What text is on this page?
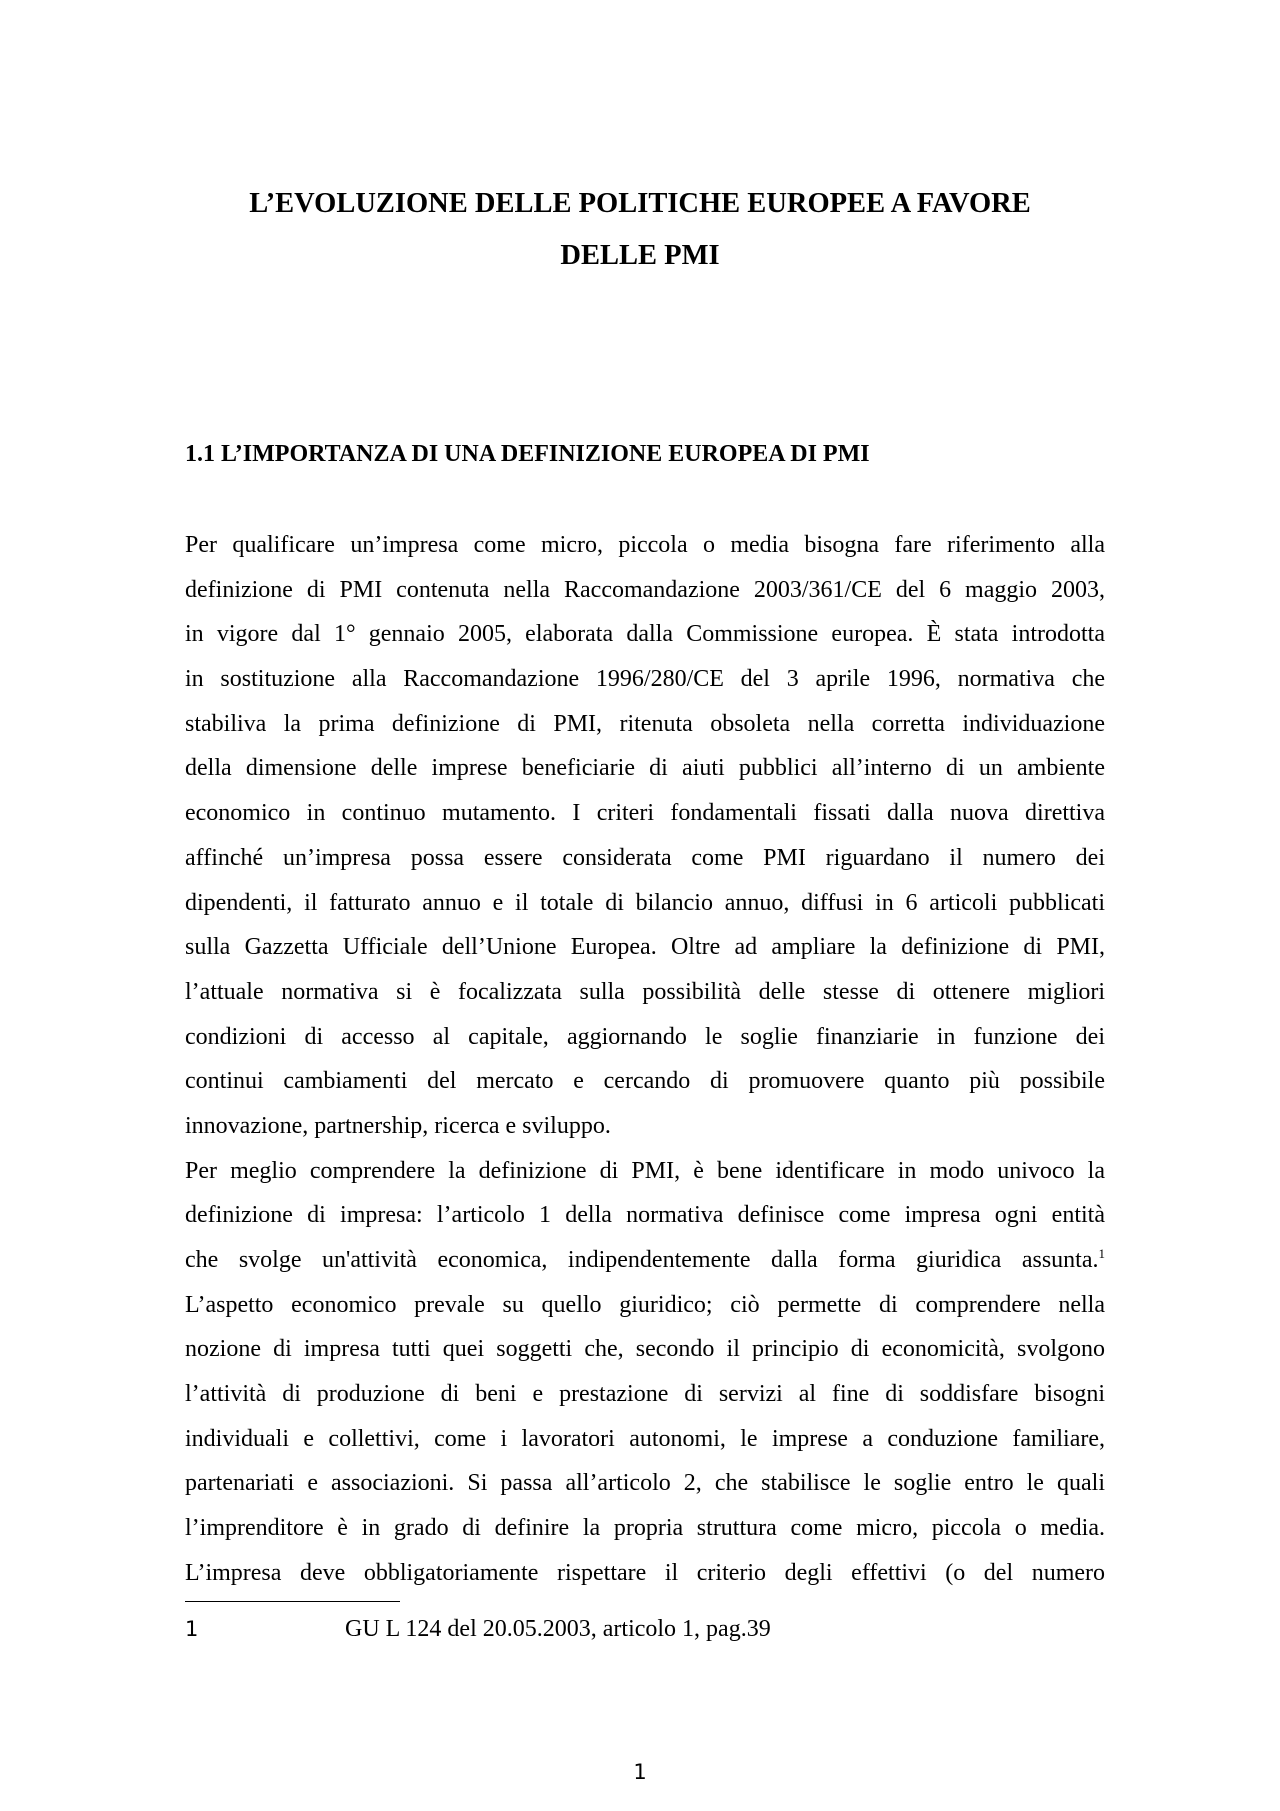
L’EVOLUZIONE DELLE POLITICHE EUROPEE A FAVORE
DELLE PMI
1.1 L’IMPORTANZA DI UNA DEFINIZIONE EUROPEA DI PMI
Per qualificare un’impresa come micro, piccola o media bisogna fare riferimento alla
definizione di PMI contenuta nella Raccomandazione 2003/361/CE del 6 maggio 2003,
in vigore dal 1° gennaio 2005, elaborata dalla Commissione europea. È stata introdotta
in sostituzione alla Raccomandazione 1996/280/CE del 3 aprile 1996, normativa che
stabiliva la prima definizione di PMI, ritenuta obsoleta nella corretta individuazione
della dimensione delle imprese beneficiarie di aiuti pubblici all’interno di un ambiente
economico in continuo mutamento. I criteri fondamentali fissati dalla nuova direttiva
affinché un’impresa possa essere considerata come PMI riguardano il numero dei
dipendenti, il fatturato annuo e il totale di bilancio annuo, diffusi in 6 articoli pubblicati
sulla Gazzetta Ufficiale dell’Unione Europea. Oltre ad ampliare la definizione di PMI,
l’attuale normativa si è focalizzata sulla possibilità delle stesse di ottenere migliori
condizioni di accesso al capitale, aggiornando le soglie finanziarie in funzione dei
continui cambiamenti del mercato e cercando di promuovere quanto più possibile
innovazione, partnership, ricerca e sviluppo.
Per meglio comprendere la definizione di PMI, è bene identificare in modo univoco la
definizione di impresa: l’articolo 1 della normativa definisce come impresa ogni entità
che svolge un'attività economica, indipendentemente dalla forma giuridica assunta.$^1$
L’aspetto economico prevale su quello giuridico; ciò permette di comprendere nella
nozione di impresa tutti quei soggetti che, secondo il principio di economicità, svolgono
l’attività di produzione di beni e prestazione di servizi al fine di soddisfare bisogni
individuali e collettivi, come i lavoratori autonomi, le imprese a conduzione familiare,
partenariati e associazioni. Si passa all’articolo 2, che stabilisce le soglie entro le quali
l’imprenditore è in grado di definire la propria struttura come micro, piccola o media.
L’impresa deve obbligatoriamente rispettare il criterio degli effettivi (o del numero
1	GU L 124 del 20.05.2003, articolo 1, pag.39
1
